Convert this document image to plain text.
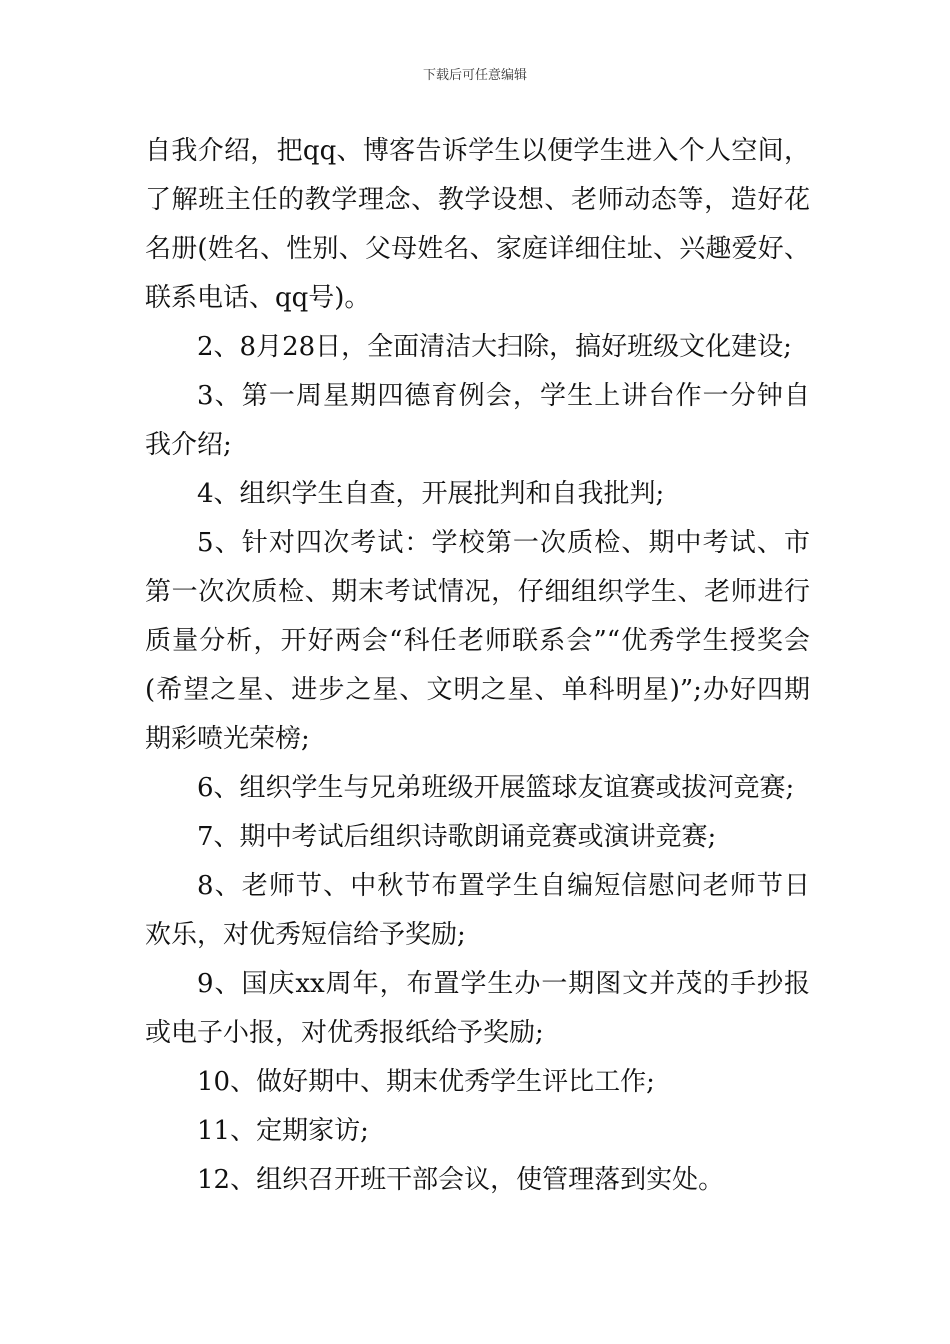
下载后可任意编辑

自我介绍，把qq、博客告诉学生以便学生进入个人空间，了解班主任的教学理念、教学设想、老师动态等，造好花名册(姓名、性别、父母姓名、家庭详细住址、兴趣爱好、联系电话、qq号)。

2、8月28日，全面清洁大扫除，搞好班级文化建设;

3、第一周星期四德育例会，学生上讲台作一分钟自我介绍;

4、组织学生自查，开展批判和自我批判;

5、针对四次考试：学校第一次质检、期中考试、市第一次次质检、期末考试情况，仔细组织学生、老师进行质量分析，开好两会“科任老师联系会”“优秀学生授奖会(希望之星、进步之星、文明之星、单科明星)”;办好四期期彩喷光荣榜;

6、组织学生与兄弟班级开展篮球友谊赛或拔河竞赛;

7、期中考试后组织诗歌朗诵竞赛或演讲竞赛;

8、老师节、中秋节布置学生自编短信慰问老师节日欢乐，对优秀短信给予奖励;

9、国庆xx周年，布置学生办一期图文并茂的手抄报或电子小报，对优秀报纸给予奖励;

10、做好期中、期末优秀学生评比工作;

11、定期家访;

12、组织召开班干部会议，使管理落到实处。
